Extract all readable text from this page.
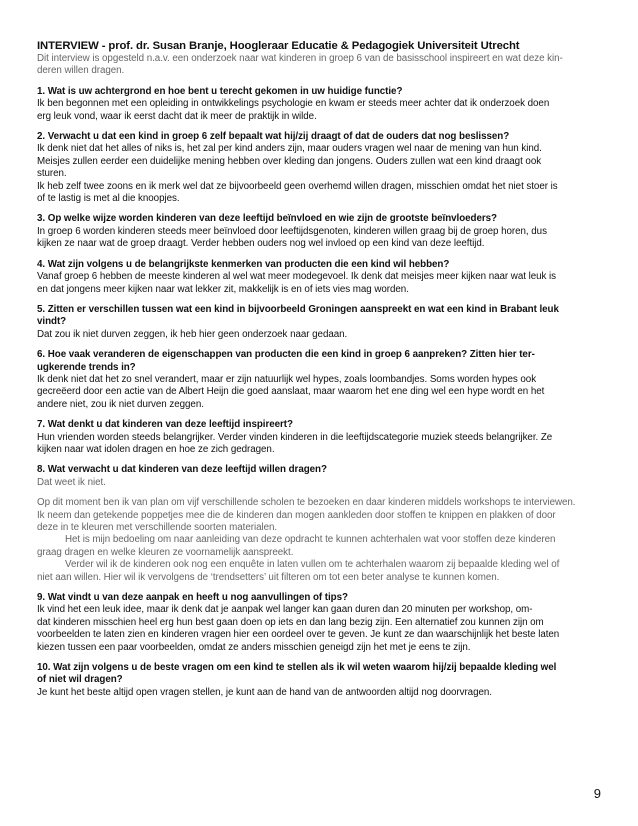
INTERVIEW - prof. dr. Susan Branje, Hoogleraar Educatie & Pedagogiek Universiteit Utrecht

Dit interview is opgesteld n.a.v. een onderzoek naar wat kinderen in groep 6 van de basisschool inspireert en wat deze kin-

deren willen dragen.

1. Wat is uw achtergrond en hoe bent u terecht gekomen in uw huidige functie?

Ik ben begonnen met een opleiding in ontwikkelings psychologie en kwam er steeds meer achter dat ik onderzoek doen

erg leuk vond, waar ik eerst dacht dat ik meer de praktijk in wilde.

2. Verwacht u dat een kind in groep 6 zelf bepaalt wat hij/zij draagt of dat de ouders dat nog beslissen?

Ik denk niet dat het alles of niks is, het zal per kind anders zijn, maar ouders vragen wel naar de mening van hun kind.

Meisjes zullen eerder een duidelijke mening hebben over kleding dan jongens. Ouders zullen wat een kind draagt ook

sturen.

Ik heb zelf twee zoons en ik merk wel dat ze bijvoorbeeld geen overhemd willen dragen, misschien omdat het niet stoer is

of te lastig is met al die knoopjes.

3. Op welke wijze worden kinderen van deze leeftijd beïnvloed en wie zijn de grootste beïnvloeders?

In groep 6 worden kinderen steeds meer beïnvloed door leeftijdsgenoten, kinderen willen graag bij de groep horen, dus

kijken ze naar wat de groep draagt. Verder hebben ouders nog wel invloed op een kind van deze leeftijd.

4. Wat zijn volgens u de belangrijkste kenmerken van producten die een kind wil hebben?

Vanaf groep 6 hebben de meeste kinderen al wel wat meer modegevoel. Ik denk dat meisjes meer kijken naar wat leuk is

en dat jongens meer kijken naar wat lekker zit, makkelijk is en of iets vies mag worden.

5. Zitten er verschillen tussen wat een kind in bijvoorbeeld Groningen aanspreekt en wat een kind in Brabant leuk

vindt?

Dat zou ik niet durven zeggen, ik heb hier geen onderzoek naar gedaan.

6. Hoe vaak veranderen de eigenschappen van producten die een kind in groep 6 aanpreken? Zitten hier ter-

ugkerende trends in?

Ik denk niet dat het zo snel verandert, maar er zijn natuurlijk wel hypes, zoals loombandjes. Soms worden hypes ook

gecreëerd door een actie van de Albert Heijn die goed aanslaat, maar waarom het ene ding wel een hype wordt en het

andere niet, zou ik niet durven zeggen.

7. Wat denkt u dat kinderen van deze leeftijd inspireert?

Hun vrienden worden steeds belangrijker. Verder vinden kinderen in die leeftijdscategorie muziek steeds belangrijker. Ze

kijken naar wat idolen dragen en hoe ze zich gedragen.

8. Wat verwacht u dat kinderen van deze leeftijd willen dragen?

Dat weet ik niet.

Op dit moment ben ik van plan om vijf verschillende scholen te bezoeken en daar kinderen middels workshops te interviewen.

Ik neem dan getekende poppetjes mee die de kinderen dan mogen aankleden door stoffen te knippen en plakken of door

deze in te kleuren met verschillende soorten materialen.

Het is mijn bedoeling om naar aanleiding van deze opdracht te kunnen achterhalen wat voor stoffen deze kinderen

graag dragen en welke kleuren ze voornamelijk aanspreekt.

Verder wil ik de kinderen ook nog een enquête in laten vullen om te achterhalen waarom zij bepaalde kleding wel of

niet aan willen. Hier wil ik vervolgens de ‘trendsetters’ uit filteren om tot een beter analyse te kunnen komen.

9. Wat vindt u van deze aanpak en heeft u nog aanvullingen of tips?

Ik vind het een leuk idee, maar ik denk dat je aanpak wel langer kan gaan duren dan 20 minuten per workshop, om-

dat kinderen misschien heel erg hun best gaan doen op iets en dan lang bezig zijn. Een alternatief zou kunnen zijn om

voorbeelden te laten zien en kinderen vragen hier een oordeel over te geven. Je kunt ze dan waarschijnlijk het beste laten

kiezen tussen een paar voorbeelden, omdat ze anders misschien geneigd zijn het met je eens te zijn.

10. Wat zijn volgens u de beste vragen om een kind te stellen als ik wil weten waarom hij/zij bepaalde kleding wel

of niet wil dragen?

Je kunt het beste altijd open vragen stellen, je kunt aan de hand van de antwoorden altijd nog doorvragen.

9
